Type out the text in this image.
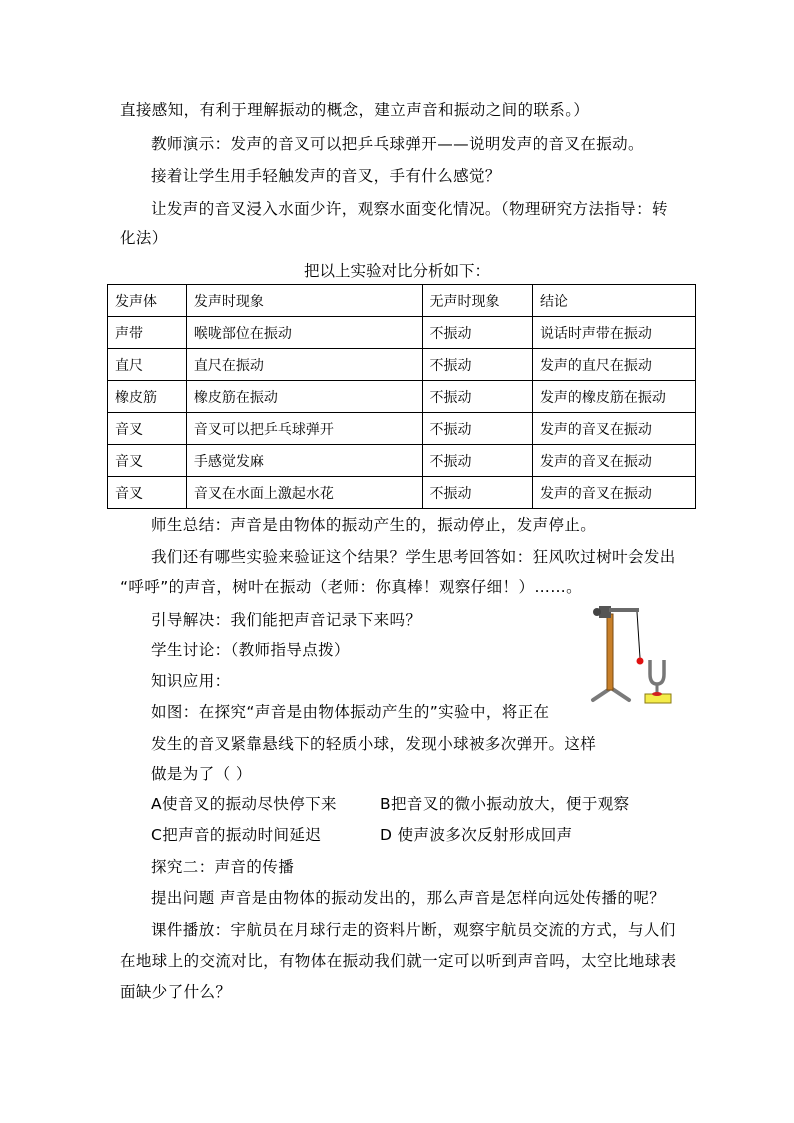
直接感知，有利于理解振动的概念，建立声音和振动之间的联系。）
教师演示：发声的音叉可以把乒乓球弹开——说明发声的音叉在振动。
接着让学生用手轻触发声的音叉，手有什么感觉？
让发声的音叉浸入水面少许，观察水面变化情况。（物理研究方法指导：转
化法）
把以上实验对比分析如下：
发声体	发声时现象	无声时现象	结论
声带	喉咙部位在振动	不振动	说话时声带在振动
直尺	直尺在振动	不振动	发声的直尺在振动
橡皮筋	橡皮筋在振动	不振动	发声的橡皮筋在振动
音叉	音叉可以把乒乓球弹开	不振动	发声的音叉在振动
音叉	手感觉发麻	不振动	发声的音叉在振动
音叉	音叉在水面上激起水花	不振动	发声的音叉在振动
师生总结：声音是由物体的振动产生的，振动停止，发声停止。
我们还有哪些实验来验证这个结果？学生思考回答如：狂风吹过树叶会发出
“呼呼”的声音，树叶在振动（老师：你真棒！观察仔细！）……。
引导解决：我们能把声音记录下来吗？
学生讨论：（教师指导点拨）
知识应用：
如图：在探究“声音是由物体振动产生的”实验中，将正在
发生的音叉紧靠悬线下的轻质小球，发现小球被多次弹开。这样
做是为了（ ）
A使音叉的振动尽快停下来	B把音叉的微小振动放大，便于观察
C把声音的振动时间延迟	D 使声波多次反射形成回声
探究二：声音的传播
提出问题 声音是由物体的振动发出的，那么声音是怎样向远处传播的呢？
课件播放：宇航员在月球行走的资料片断，观察宇航员交流的方式，与人们
在地球上的交流对比，有物体在振动我们就一定可以听到声音吗，太空比地球表
面缺少了什么？
